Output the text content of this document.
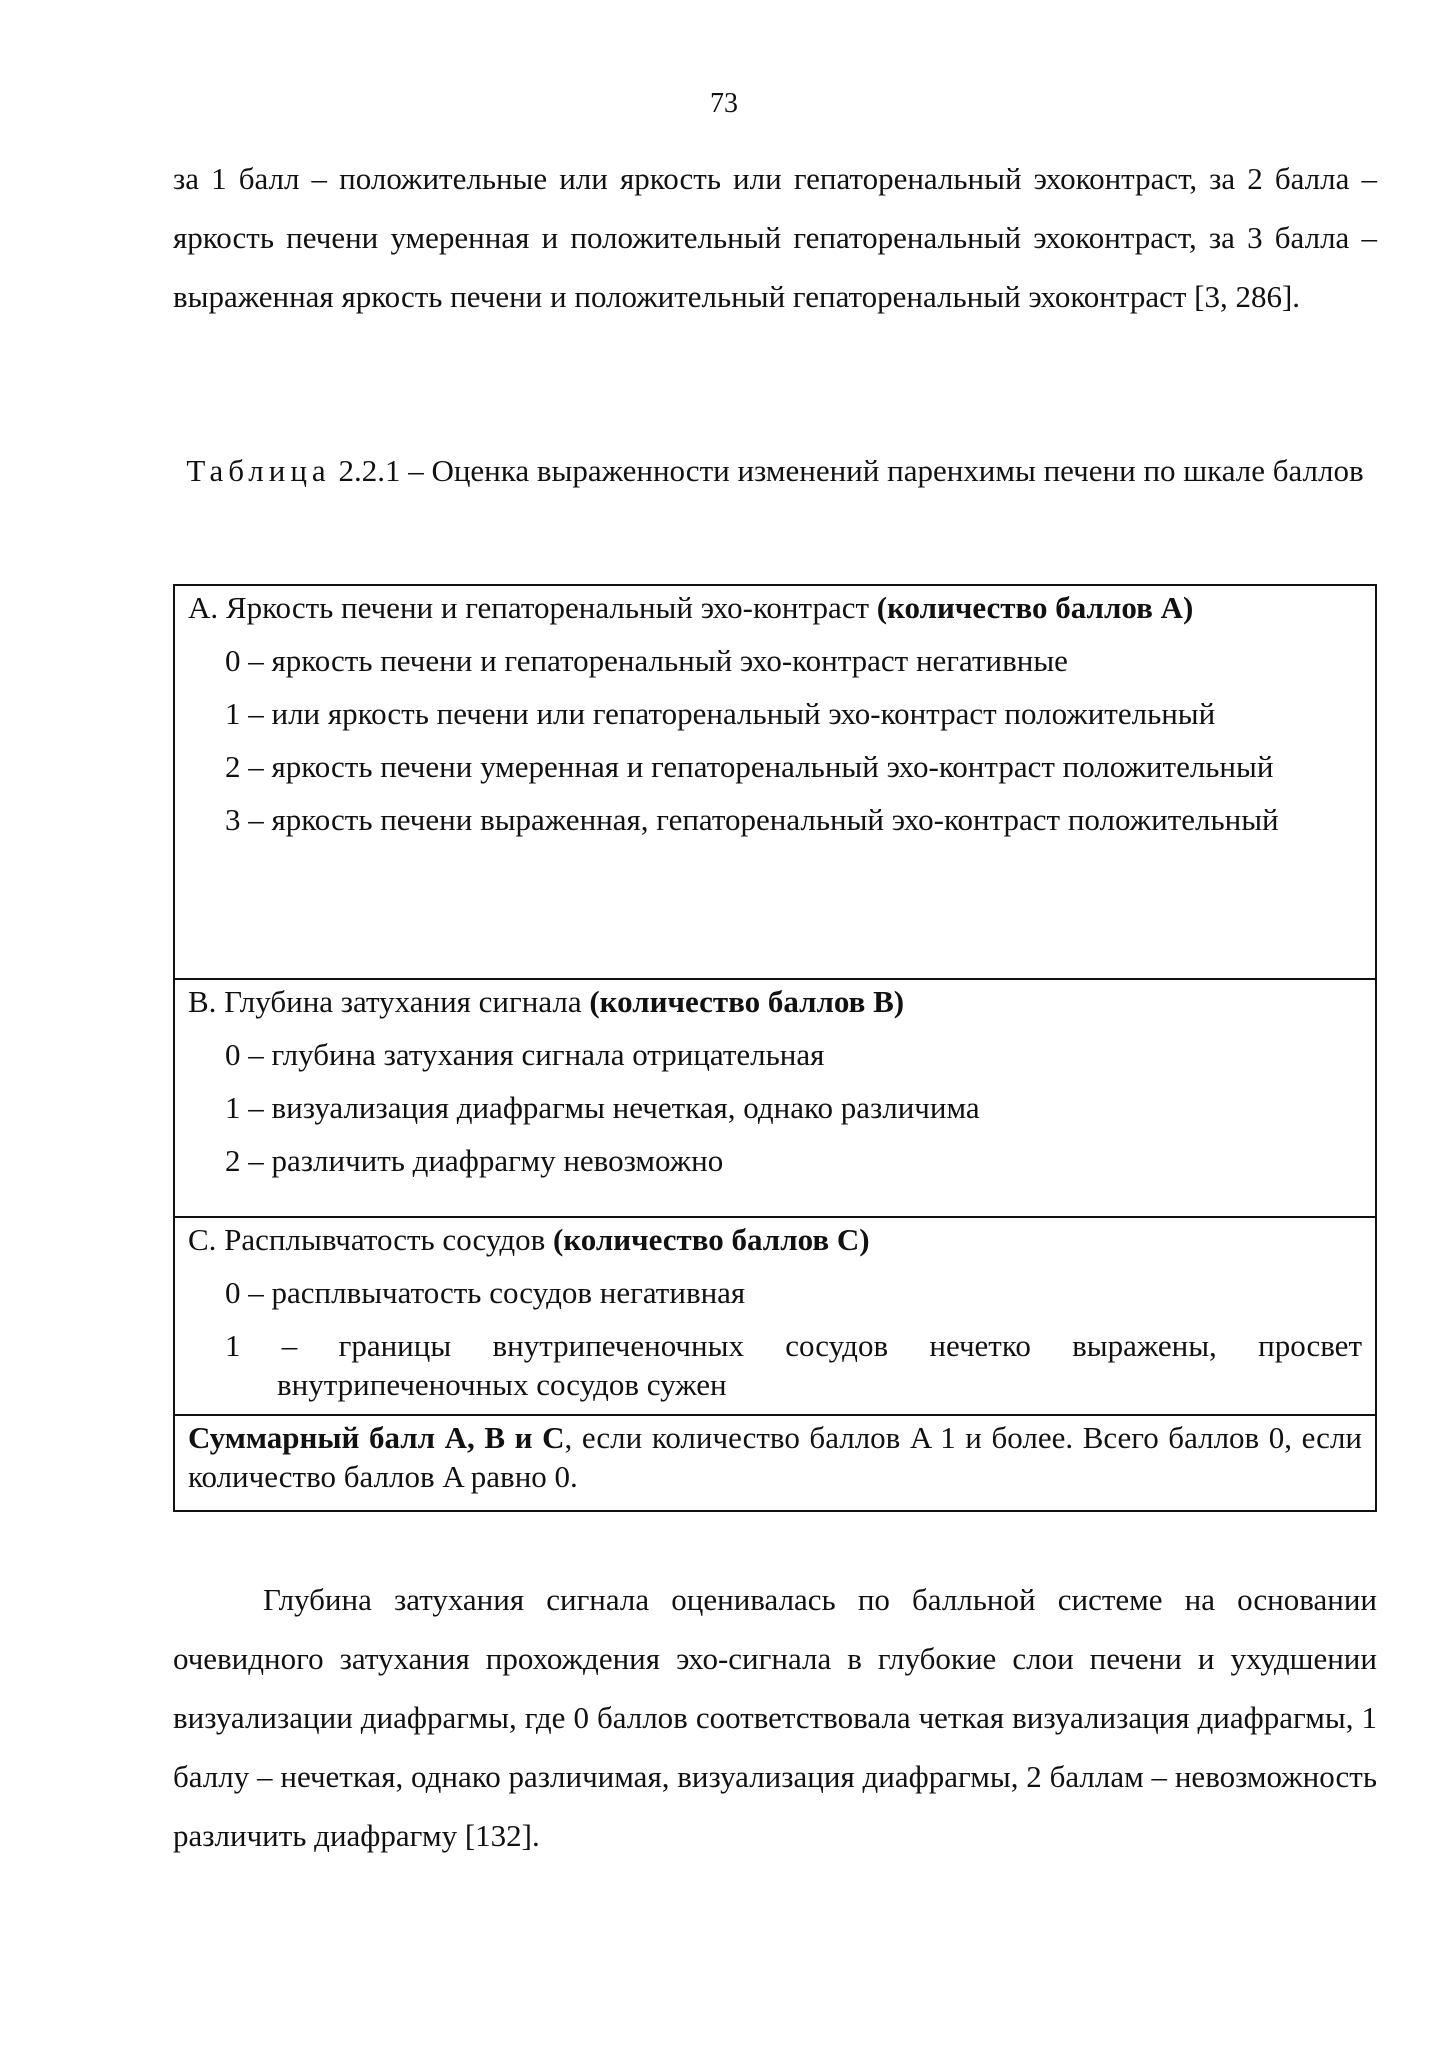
73

за 1 балл – положительные или яркость или гепаторенальный эхоконтраст, за 2 балла – яркость печени умеренная и положительный гепаторенальный эхоконтраст, за 3 балла – выраженная яркость печени и положительный гепаторенальный эхоконтраст [3, 286].

Таблица 2.2.1 – Оценка выраженности изменений паренхимы печени по шкале баллов

A. Яркость печени и гепаторенальный эхо-контраст (количество баллов A)

0 – яркость печени и гепаторенальный эхо-контраст негативные

1 – или яркость печени или гепаторенальный эхо-контраст положительный

2 – яркость печени умеренная и гепаторенальный эхо-контраст положительный

3 – яркость печени выраженная, гепаторенальный эхо-контраст положительный

B. Глубина затухания сигнала (количество баллов B)

0 – глубина затухания сигнала отрицательная

1 – визуализация диафрагмы нечеткая, однако различима

2 – различить диафрагму невозможно

C. Расплывчатость сосудов (количество баллов C)

0 – расплвычатость сосудов негативная

1 – границы внутрипеченочных сосудов нечетко выражены, просвет внутрипеченочных сосудов сужен

Суммарный балл A, B и C, если количество баллов A 1 и более. Всего баллов 0, если количество баллов A равно 0.

Глубина затухания сигнала оценивалась по балльной системе на основании очевидного затухания прохождения эхо-сигнала в глубокие слои печени и ухудшении визуализации диафрагмы, где 0 баллов соответствовала четкая визуализация диафрагмы, 1 баллу – нечеткая, однако различимая, визуализация диафрагмы, 2 баллам – невозможность различить диафрагму [132].
